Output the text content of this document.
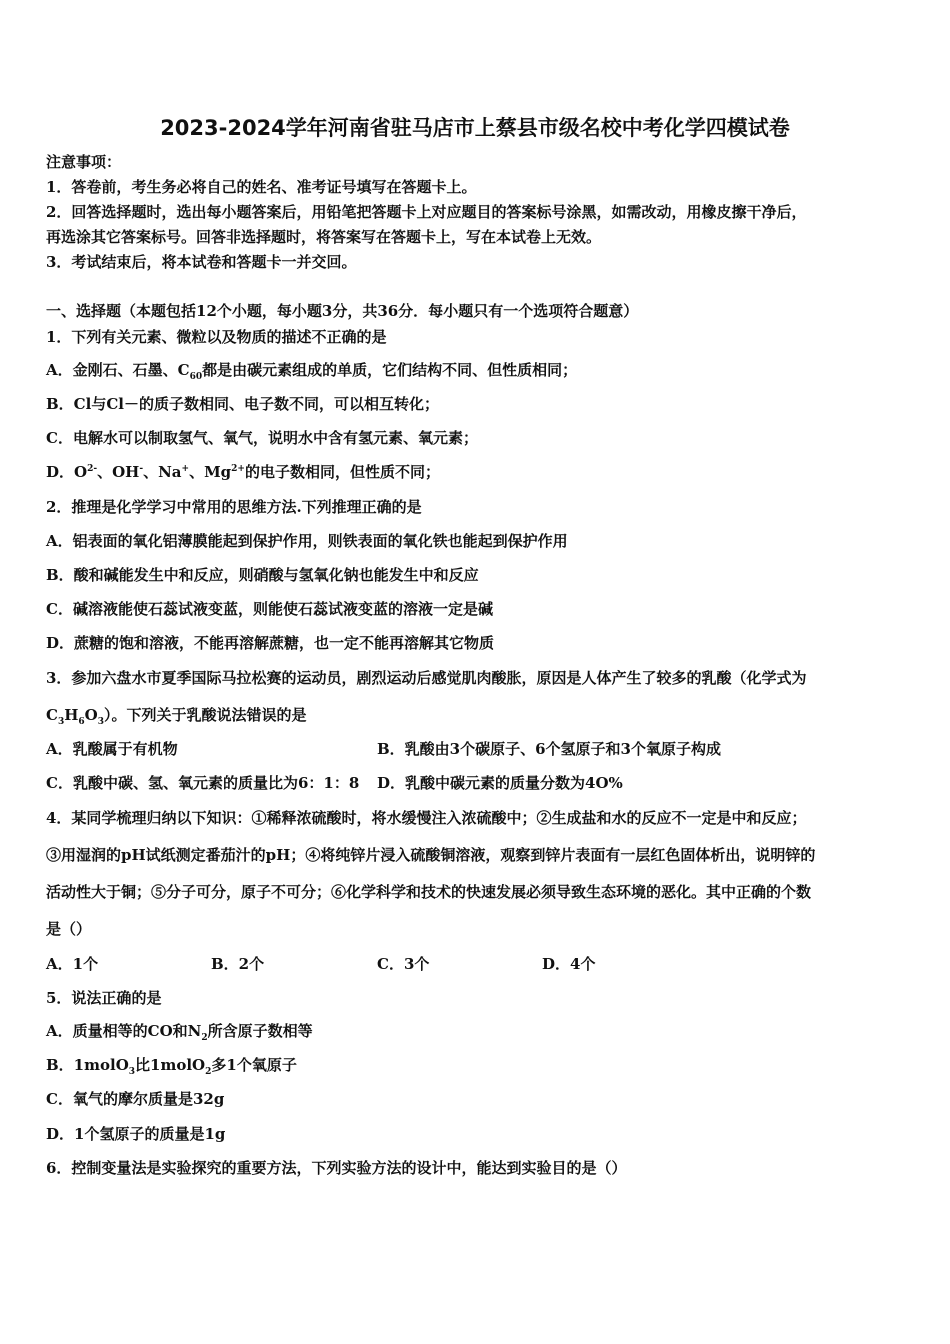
2023-2024学年河南省驻马店市上蔡县市级名校中考化学四模试卷
注意事项：
1．答卷前，考生务必将自己的姓名、准考证号填写在答题卡上。
2．回答选择题时，选出每小题答案后，用铅笔把答题卡上对应题目的答案标号涂黑，如需改动，用橡皮擦干净后，
再选涂其它答案标号。回答非选择题时，将答案写在答题卡上，写在本试卷上无效。
3．考试结束后，将本试卷和答题卡一并交回。
一、选择题（本题包括12个小题，每小题3分，共36分．每小题只有一个选项符合题意）
1．下列有关元素、微粒以及物质的描述不正确的是
A．金刚石、石墨、$C_{60}$都是由碳元素组成的单质，它们结构不同、但性质相同；
B．Cl与Cl－的质子数相同、电子数不同，可以相互转化；
C．电解水可以制取氢气、氧气，说明水中含有氢元素、氧元素；
D．$O^{2-}$、OH-、Na+、$Mg^{2+}$的电子数相同，但性质不同；
2．推理是化学学习中常用的思维方法.下列推理正确的是
A．铝表面的氧化铝薄膜能起到保护作用，则铁表面的氧化铁也能起到保护作用
B．酸和碱能发生中和反应，则硝酸与氢氧化钠也能发生中和反应
C．碱溶液能使石蕊试液变蓝，则能使石蕊试液变蓝的溶液一定是碱
D．蔗糖的饱和溶液，不能再溶解蔗糖，也一定不能再溶解其它物质
3．参加六盘水市夏季国际马拉松赛的运动员，剧烈运动后感觉肌肉酸胀，原因是人体产生了较多的乳酸（化学式为
$C_3H_6O_3$）。下列关于乳酸说法错误的是
A．乳酸属于有机物	B．乳酸由3个碳原子、6个氢原子和3个氧原子构成
C．乳酸中碳、氢、氧元素的质量比为6：1：8 D．乳酸中碳元素的质量分数为4O%
4．某同学梳理归纳以下知识：①稀释浓硫酸时，将水缓慢注入浓硫酸中；②生成盐和水的反应不一定是中和反应；
③用湿润的pH试纸测定番茄汁的pH；④将纯锌片浸入硫酸铜溶液，观察到锌片表面有一层红色固体析出，说明锌的
活动性大于铜；⑤分子可分，原子不可分；⑥化学科学和技术的快速发展必须导致生态环境的恶化。其中正确的个数
是（）
A．1个	B．2个	C．3个	D．4个
5．说法正确的是
A．质量相等的CO和$N_2$所含原子数相等
B．1molO$_3$比1molO$_2$多1个氧原子
C．氧气的摩尔质量是32g
D．1个氢原子的质量是1g
6．控制变量法是实验探究的重要方法，下列实验方法的设计中，能达到实验目的是（）
